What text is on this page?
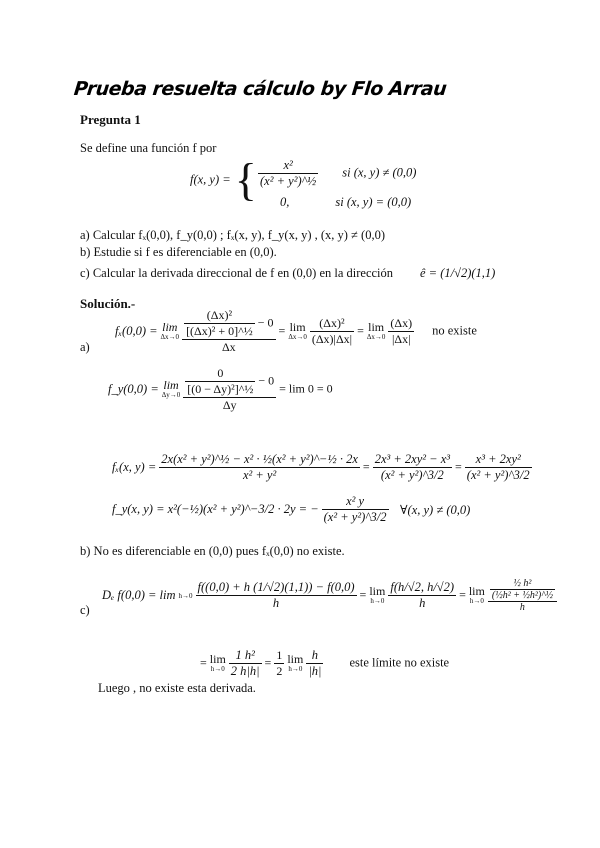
Prueba resuelta cálculo by Flo Arrau
Pregunta 1
Se define una función f por
f(x, y) = { $\frac{\text{x²}}{\text{(x² + y²)\textasciicircum{}½}}$ si (x, y) ≠ (0,0)
0,	si (x, y) = (0,0)
a) Calcular fₓ(0,0), f_y(0,0) ; fₓ(x, y), f_y(x, y) , (x, y) ≠ (0,0)
b) Estudie si f es diferenciable en (0,0).
c) Calcular la derivada direccional de f en (0,0) en la dirección ê = (1/√2)(1,1)
Solución.-
a)
fₓ(0,0) = lim
Δx→0
$\frac{\frac{\text{(Δx)²}}{\text{[(Δx)² + 0]\textasciicircum{}½}} - 0}{\Delta x} = \lim$
Δx→0
$\frac{\text{(Δx)²}}{(\Delta x)|\Delta x|} = \lim$
Δx→0
$\frac{(\Delta x)}{|\Delta x|}$ no existe
f_y(0,0) = lim
Δy→0
$\frac{\frac{0}{\text{[(0 − Δy)²]\textasciicircum{}½}} - 0}{\Delta y} = \lim 0 = 0$
fₓ(x, $y) = \frac{\text{2x(x² + y²)\textasciicircum{}½ − x² · ½(x² + y²)\textasciicircum{}−½ · 2x}}{\text{x² + y²}} = \frac{\text{2x³ + 2xy² − x³}}{\text{(x² + y²)\textasciicircum{}3/2}} = \frac{\text{x³ + 2xy²}}{\text{(x² + y²)\textasciicircum{}3/2}}$
f_y(x, y) = x²(−½)(x² + y²)^−3/2 · 2y = − $\frac{\text{x² y}}{\text{(x² + y²)\textasciicircum{}3/2}}$ ∀(x, y) ≠ (0,0)
b) No es diferenciable en (0,0) pues fₓ(0,0) no existe.
c)
Dₑ f(0,0) = lim h→0
$\frac{f((0,0) + h (1/√2)(1,1)) - f(0,0)}{h} = \lim$
h→0
$\frac{f(h/√2, h/√2)}{h} = \lim$
h→0
$\frac{\frac{\text{½ h²}}{\text{(½h² + ½h²)\textasciicircum{}½}}}{h}$
= lim
h→0
$\frac{\text{1 h²}}{2 h|h|} = \frac{1}{2}$
lim
h→0
$\frac{h}{|h|}$ este límite no existe
Luego , no existe esta derivada.
